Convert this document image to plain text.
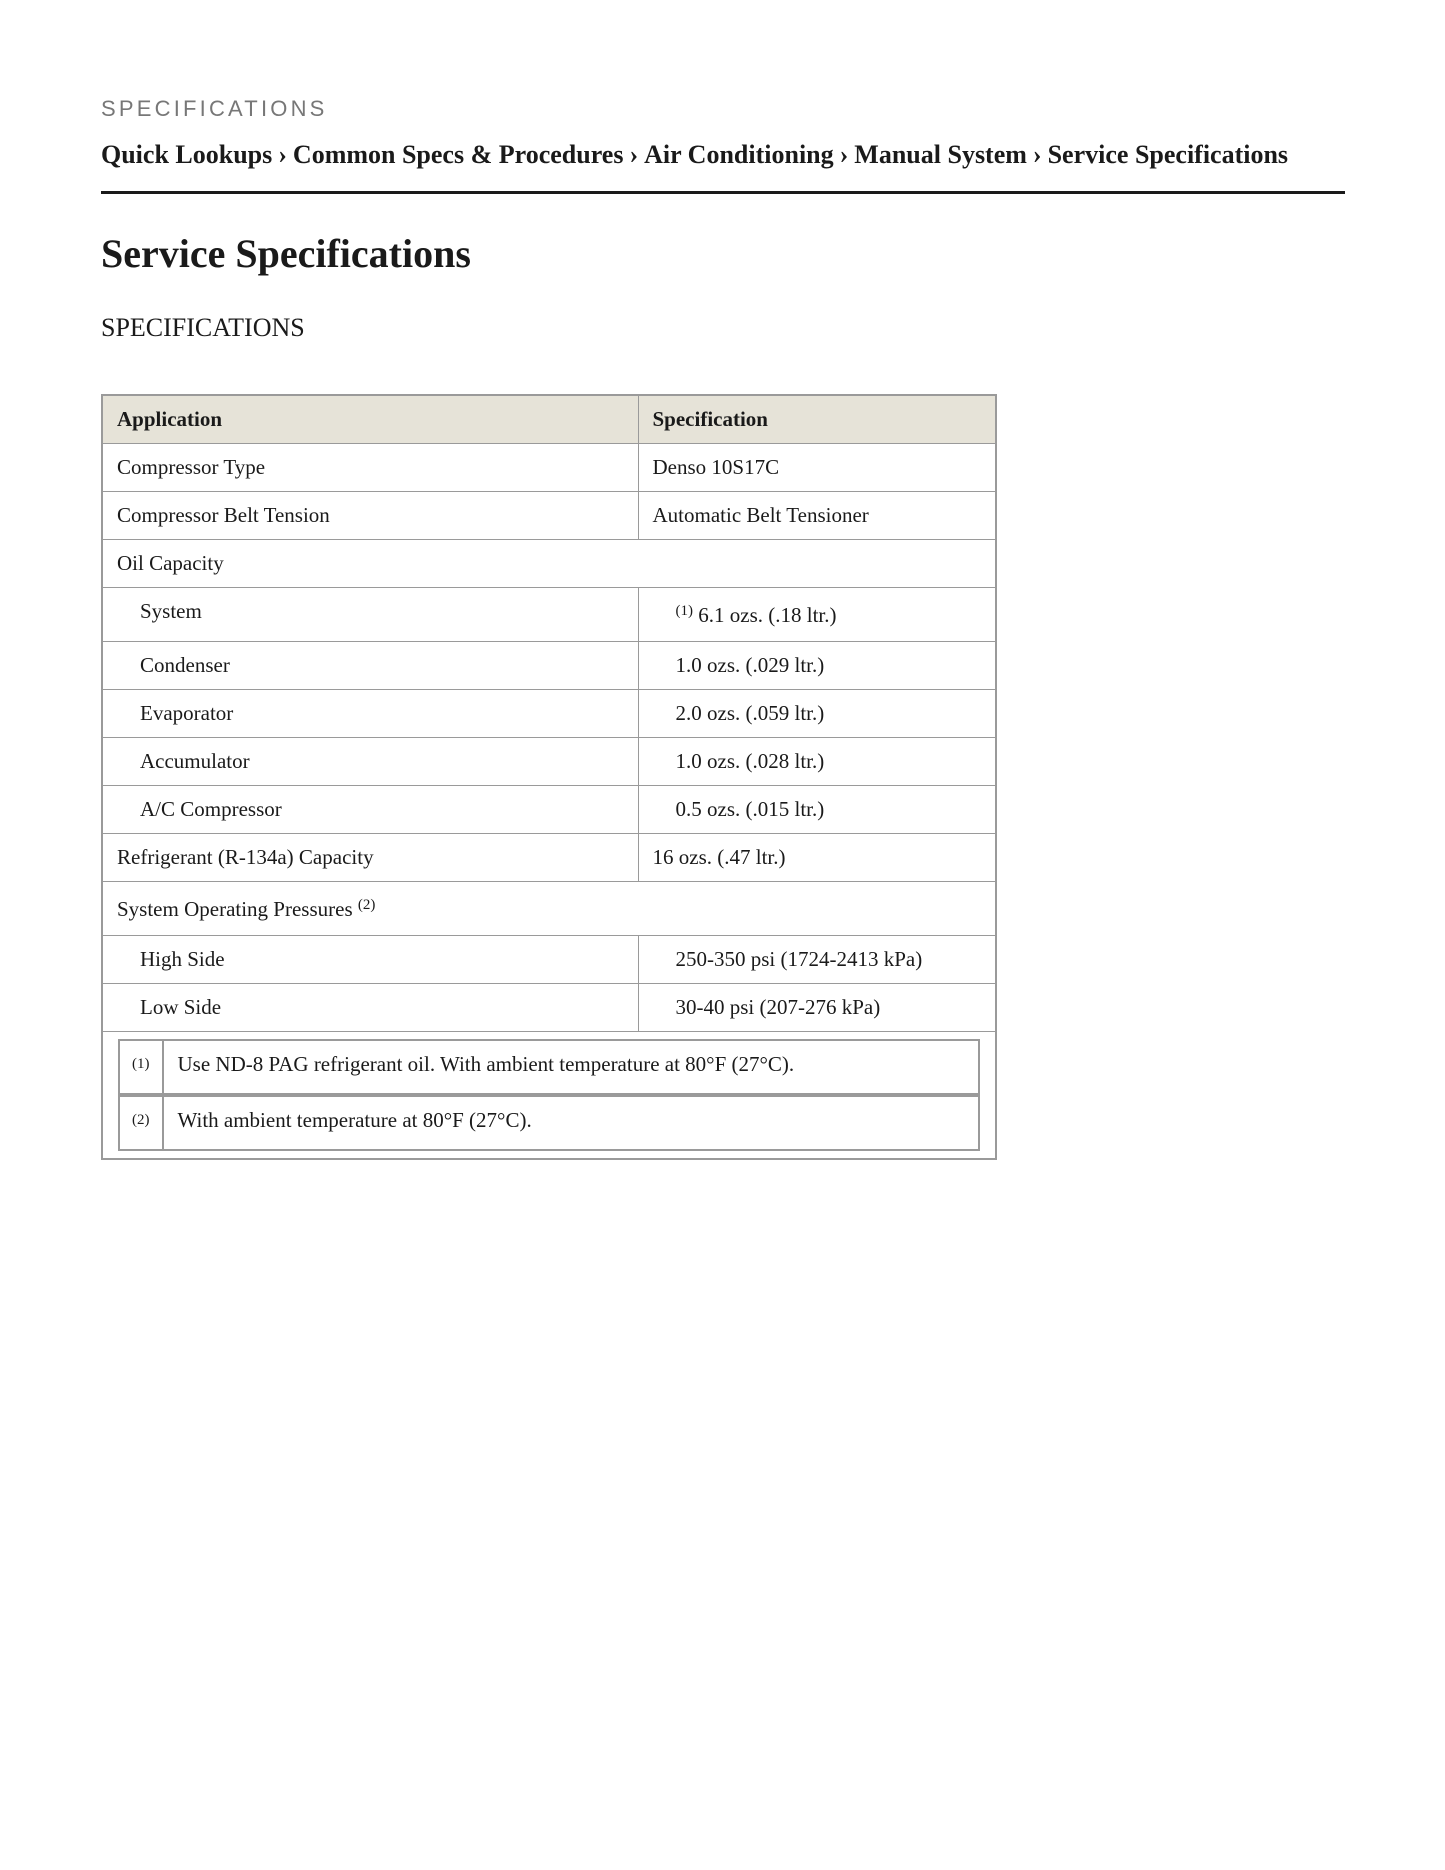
SPECIFICATIONS
Quick Lookups › Common Specs & Procedures › Air Conditioning › Manual System › Service Specifications
Service Specifications
SPECIFICATIONS
Application	Specification
Compressor Type	Denso 10S17C
Compressor Belt Tension	Automatic Belt Tensioner
Oil Capacity
System	$^{(1)}$ 6.1 ozs. (.18 ltr.)
Condenser	1.0 ozs. (.029 ltr.)
Evaporator	2.0 ozs. (.059 ltr.)
Accumulator	1.0 ozs. (.028 ltr.)
A/C Compressor	0.5 ozs. (.015 ltr.)
Refrigerant (R-134a) Capacity	16 ozs. (.47 ltr.)
System Operating Pressures $^{(2)}$
High Side	250-350 psi (1724-2413 kPa)
Low Side	30-40 psi (207-276 kPa)

(1)	Use ND-8 PAG refrigerant oil. With ambient temperature at 80°F (27°C).
(2)	With ambient temperature at 80°F (27°C).
